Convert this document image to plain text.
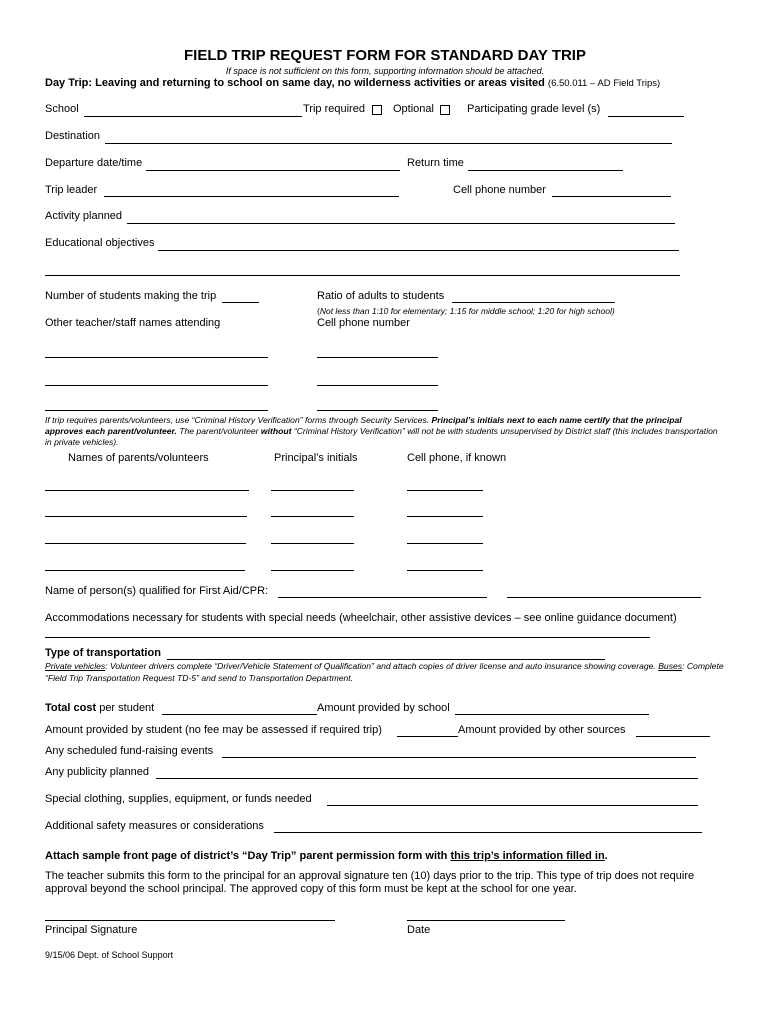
FIELD TRIP REQUEST FORM FOR STANDARD DAY TRIP
If space is not sufficient on this form, supporting information should be attached.
Day Trip: Leaving and returning to school on same day, no wilderness activities or areas visited (6.50.011 – AD Field Trips)
School	Trip required	Optional	Participating grade level (s)
Destination
Departure date/time	Return time
Trip leader	Cell phone number
Activity planned
Educational objectives
Number of students making the trip	Ratio of adults to students
(Not less than 1:10 for elementary; 1:15 for middle school; 1:20 for high school)
Other teacher/staff names attending	Cell phone number
If trip requires parents/volunteers, use “Criminal History Verification” forms through Security Services. Principal’s initials next to each name certify that the principal approves each parent/volunteer. The parent/volunteer without “Criminal History Verification” will not be with students unsupervised by District staff (this includes transportation in private vehicles).
Names of parents/volunteers	Principal’s initials	Cell phone, if known
Name of person(s) qualified for First Aid/CPR:
Accommodations necessary for students with special needs (wheelchair, other assistive devices – see online guidance document)
Type of transportation
Private vehicles: Volunteer drivers complete “Driver/Vehicle Statement of Qualification” and attach copies of driver license and auto insurance showing coverage. Buses: Complete “Field Trip Transportation Request TD-5” and send to Transportation Department.
Total cost per student	Amount provided by school
Amount provided by student (no fee may be assessed if required trip)	Amount provided by other sources
Any scheduled fund-raising events
Any publicity planned
Special clothing, supplies, equipment, or funds needed
Additional safety measures or considerations
Attach sample front page of district’s “Day Trip” parent permission form with this trip’s information filled in.
The teacher submits this form to the principal for an approval signature ten (10) days prior to the trip. This type of trip does not require approval beyond the school principal. The approved copy of this form must be kept at the school for one year.
Principal Signature	Date
9/15/06 Dept. of School Support
